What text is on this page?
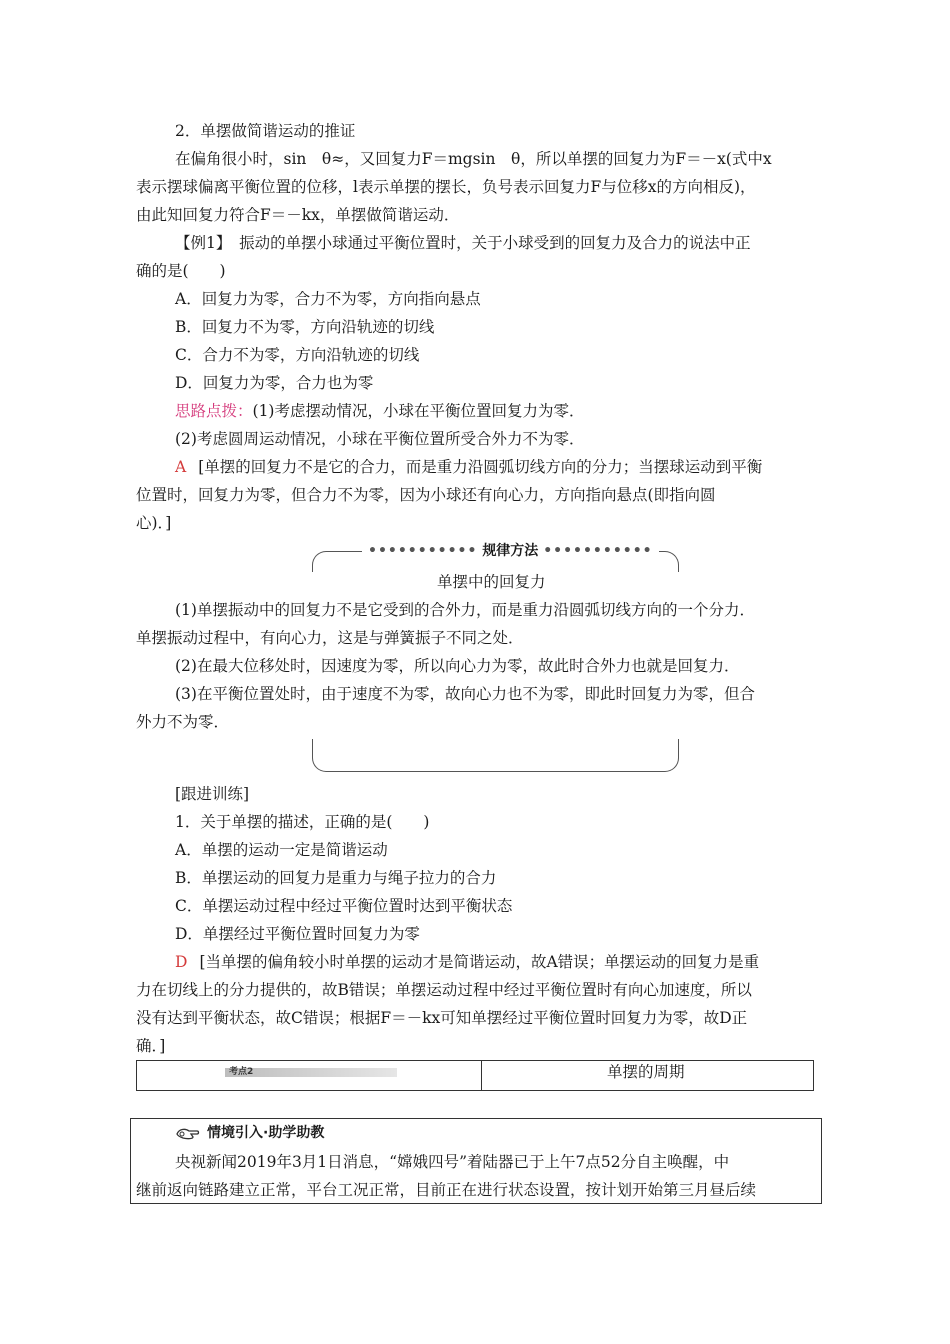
2．单摆做简谐运动的推证
在偏角很小时，sin　θ≈，又回复力F＝mgsin　θ，所以单摆的回复力为F＝－x(式中x
表示摆球偏离平衡位置的位移，l表示单摆的摆长，负号表示回复力F与位移x的方向相反)，
由此知回复力符合F＝－kx，单摆做简谐运动．
【例1】　振动的单摆小球通过平衡位置时，关于小球受到的回复力及合力的说法中正
确的是(　　)
A．回复力为零，合力不为零，方向指向悬点
B．回复力不为零，方向沿轨迹的切线
C．合力不为零，方向沿轨迹的切线
D．回复力为零，合力也为零
思路点拨：(1)考虑摆动情况，小球在平衡位置回复力为零．
(2)考虑圆周运动情况，小球在平衡位置所受合外力不为零．
A [单摆的回复力不是它的合力，而是重力沿圆弧切线方向的分力；当摆球运动到平衡
位置时，回复力为零，但合力不为零，因为小球还有向心力，方向指向悬点(即指向圆
心)．]
••••••••••• 规律方法 •••••••••••
单摆中的回复力
(1)单摆振动中的回复力不是它受到的合外力，而是重力沿圆弧切线方向的一个分力．
单摆振动过程中，有向心力，这是与弹簧振子不同之处．
(2)在最大位移处时，因速度为零，所以向心力为零，故此时合外力也就是回复力．
(3)在平衡位置处时，由于速度不为零，故向心力也不为零，即此时回复力为零，但合
外力不为零．
[跟进训练]
1．关于单摆的描述，正确的是(　　)
A．单摆的运动一定是简谐运动
B．单摆运动的回复力是重力与绳子拉力的合力
C．单摆运动过程中经过平衡位置时达到平衡状态
D．单摆经过平衡位置时回复力为零
D [当单摆的偏角较小时单摆的运动才是简谐运动，故A错误；单摆运动的回复力是重
力在切线上的分力提供的，故B错误；单摆运动过程中经过平衡位置时有向心加速度，所以
没有达到平衡状态，故C错误；根据F＝－kx可知单摆经过平衡位置时回复力为零，故D正
确．]
考点2	单摆的周期
情境引入·助学助教
央视新闻2019年3月1日消息，“嫦娥四号”着陆器已于上午7点52分自主唤醒，中
继前返向链路建立正常，平台工况正常，目前正在进行状态设置，按计划开始第三月昼后续
